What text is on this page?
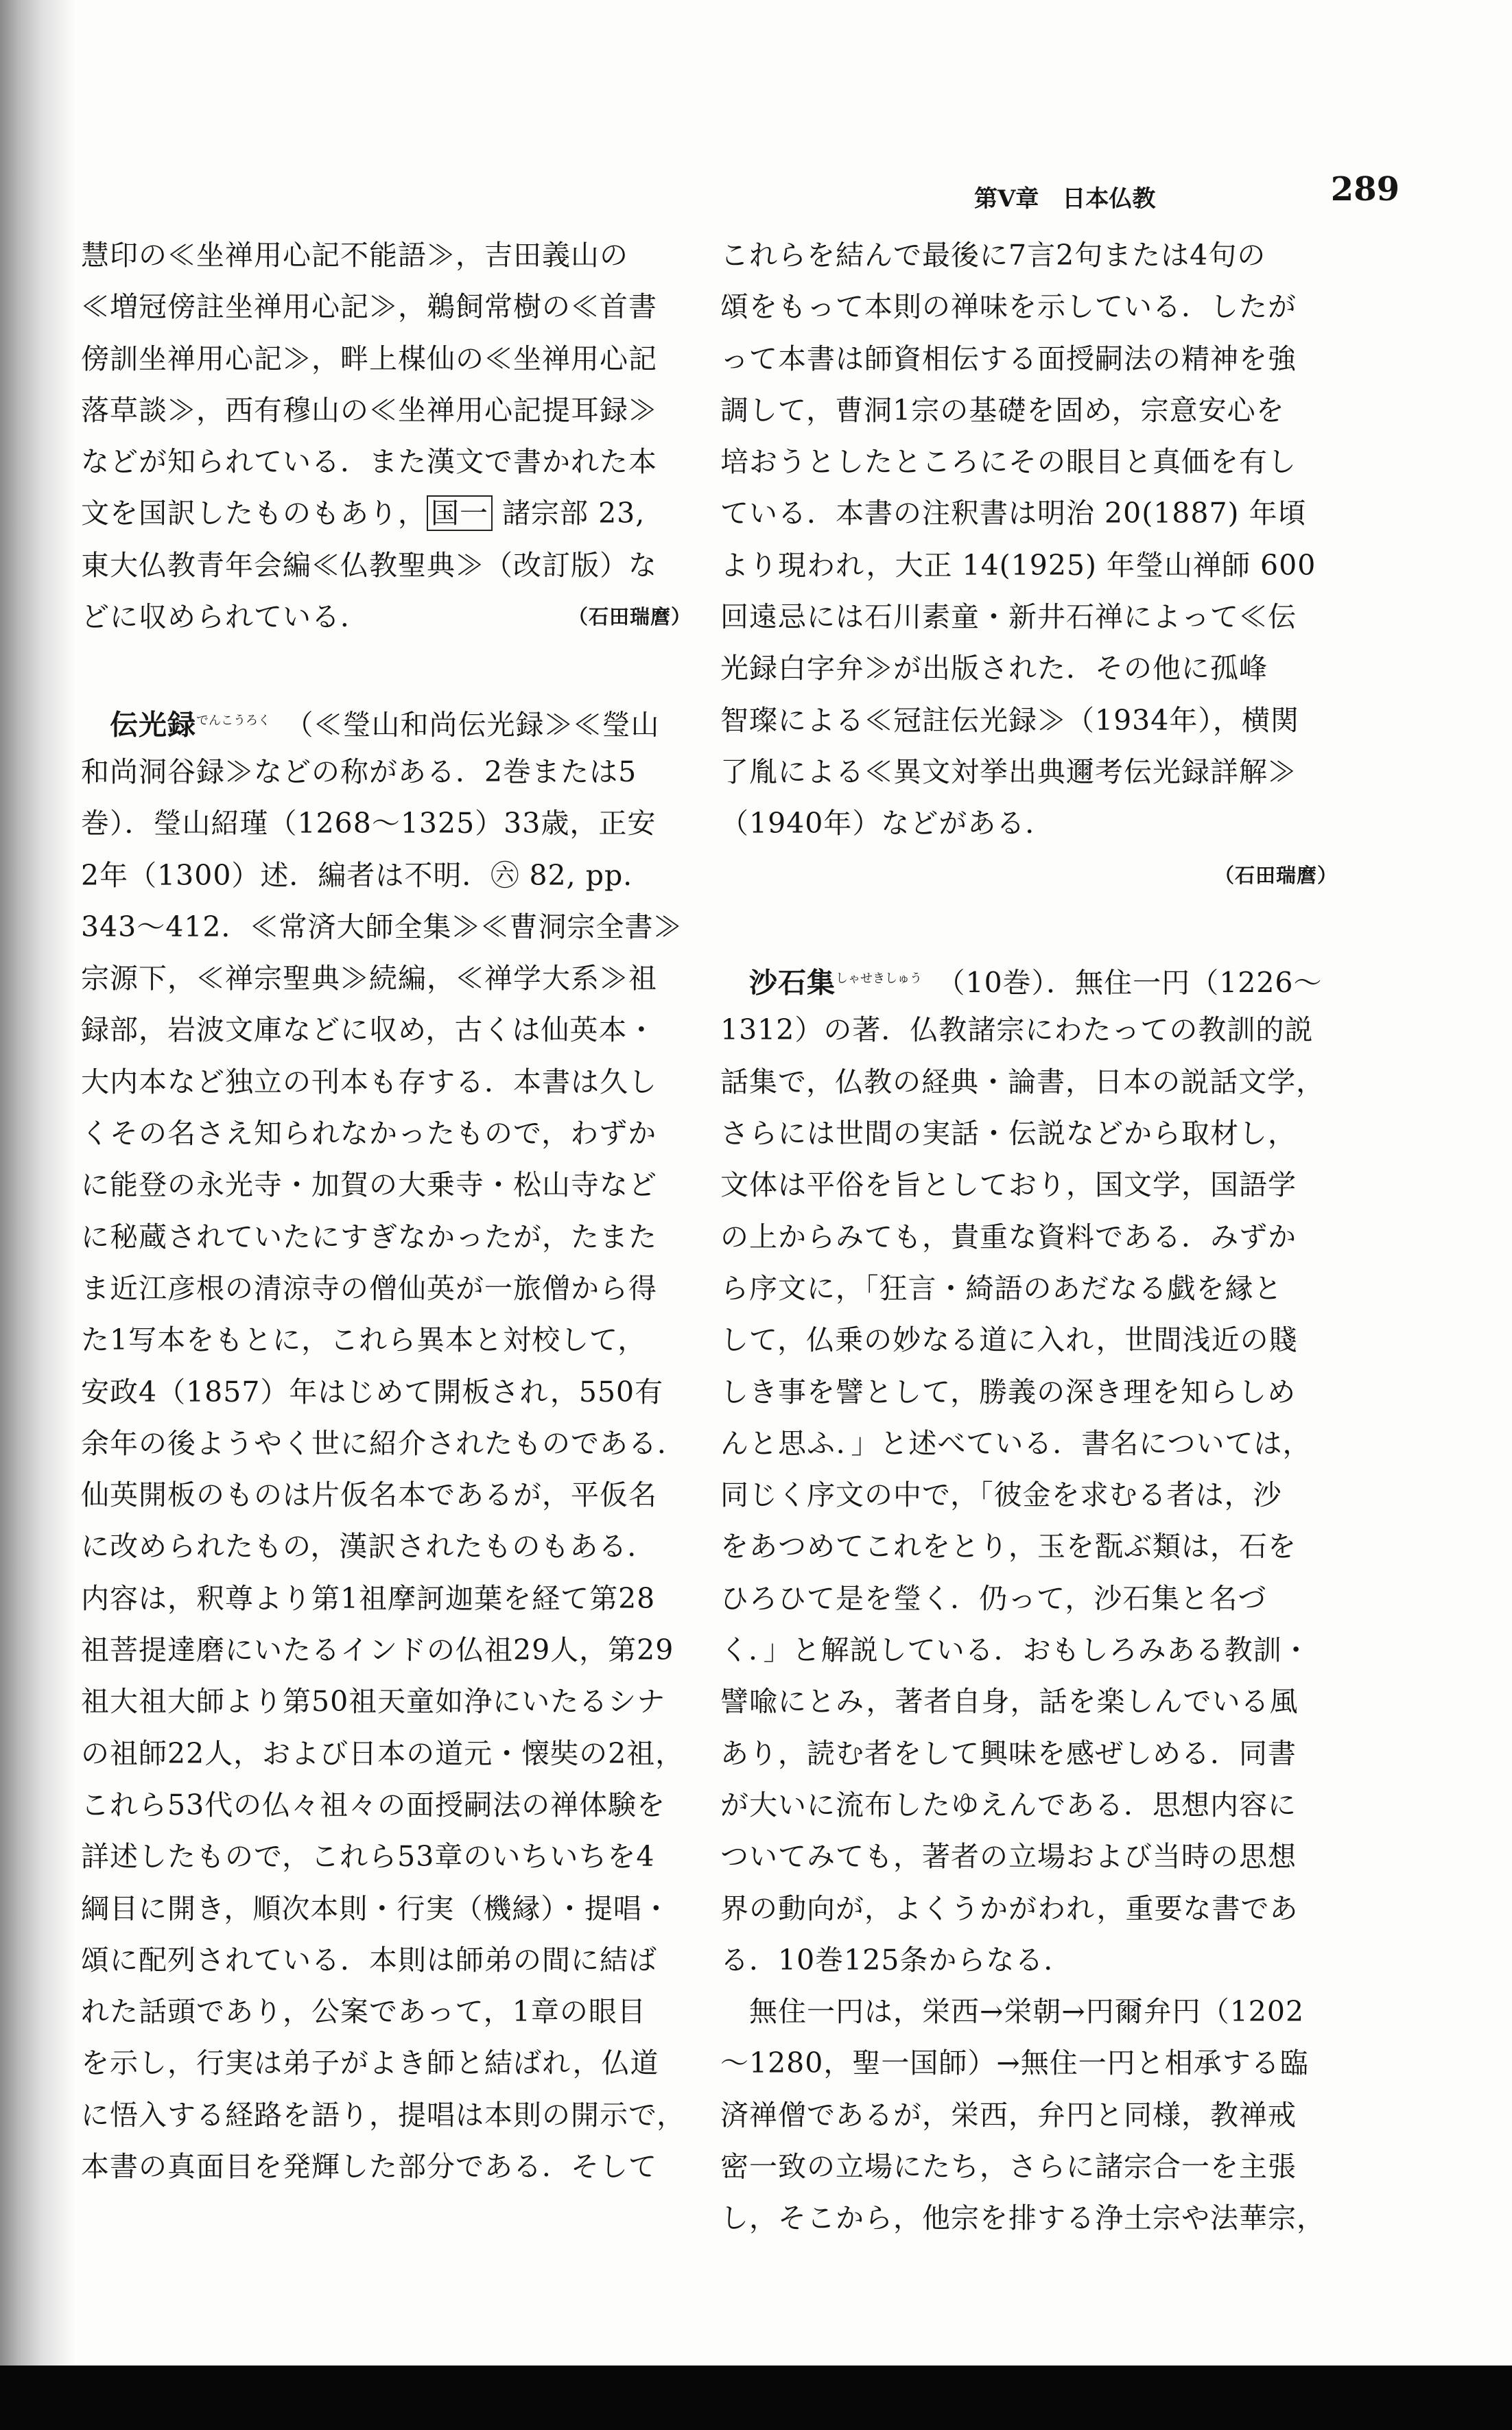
第Ⅴ章　日本仏教	289
慧印の≪坐禅用心記不能語≫，吉田義山の
≪増冠傍註坐禅用心記≫，鵜飼常樹の≪首書
傍訓坐禅用心記≫，畔上楳仙の≪坐禅用心記
落草談≫，西有穆山の≪坐禅用心記提耳録≫
などが知られている．また漢文で書かれた本
文を国訳したものもあり， 国一 諸宗部 23,
東大仏教青年会編≪仏教聖典≫（改訂版）な
どに収められている．	（石田瑞麿）
　伝光録$^{でんこうろく}$　 （≪瑩山和尚伝光録≫≪瑩山
和尚洞谷録≫などの称がある．2巻または5
巻）．瑩山紹瑾（1268～1325）33歳，正安
2年（1300）述．編者は不明．㊅ 82, pp.
343～412．≪常済大師全集≫≪曹洞宗全書≫
宗源下，≪禅宗聖典≫続編，≪禅学大系≫祖
録部，岩波文庫などに収め，古くは仙英本・
大内本など独立の刊本も存する．本書は久し
くその名さえ知られなかったもので，わずか
に能登の永光寺・加賀の大乗寺・松山寺など
に秘蔵されていたにすぎなかったが，たまた
ま近江彦根の清涼寺の僧仙英が一旅僧から得
た1写本をもとに，これら異本と対校して，
安政4（1857）年はじめて開板され，550有
余年の後ようやく世に紹介されたものである．
仙英開板のものは片仮名本であるが，平仮名
に改められたもの，漢訳されたものもある．
内容は，釈尊より第1祖摩訶迦葉を経て第28
祖菩提達磨にいたるインドの仏祖29人，第29
祖大祖大師より第50祖天童如浄にいたるシナ
の祖師22人，および日本の道元・懐奘の2祖，
これら53代の仏々祖々の面授嗣法の禅体験を
詳述したもので，これら53章のいちいちを4
綱目に開き，順次本則・行実（機縁）・提唱・
頌に配列されている．本則は師弟の間に結ば
れた話頭であり，公案であって，1章の眼目
を示し，行実は弟子がよき師と結ばれ，仏道
に悟入する経路を語り，提唱は本則の開示で，
本書の真面目を発輝した部分である．そして
これらを結んで最後に7言2句または4句の
頌をもって本則の禅味を示している．したが
って本書は師資相伝する面授嗣法の精神を強
調して，曹洞1宗の基礎を固め，宗意安心を
培おうとしたところにその眼目と真価を有し
ている．本書の注釈書は明治 20(1887) 年頃
より現われ，大正 14(1925) 年瑩山禅師 600
回遠忌には石川素童・新井石禅によって≪伝
光録白字弁≫が出版された．その他に孤峰
智璨による≪冠註伝光録≫（1934年），横関
了胤による≪異文対挙出典邇考伝光録詳解≫
（1940年）などがある．
（石田瑞麿）
　沙石集$^{しゃせきしゅう}$　 （10巻）．無住一円（1226～
1312）の著．仏教諸宗にわたっての教訓的説
話集で，仏教の経典・論書，日本の説話文学，
さらには世間の実話・伝説などから取材し，
文体は平俗を旨としており，国文学，国語学
の上からみても，貴重な資料である．みずか
ら序文に，「狂言・綺語のあだなる戯を縁と
して，仏乗の妙なる道に入れ，世間浅近の賤
しき事を譬として，勝義の深き理を知らしめ
んと思ふ．」と述べている．書名については，
同じく序文の中で，「彼金を求むる者は，沙
をあつめてこれをとり，玉を翫ぶ類は，石を
ひろひて是を瑩く．仍って，沙石集と名づ
く．」と解説している．おもしろみある教訓・
譬喩にとみ，著者自身，話を楽しんでいる風
あり，読む者をして興味を感ぜしめる．同書
が大いに流布したゆえんである．思想内容に
ついてみても，著者の立場および当時の思想
界の動向が，よくうかがわれ，重要な書であ
る．10巻125条からなる．
　無住一円は，栄西→栄朝→円爾弁円（1202
～1280，聖一国師）→無住一円と相承する臨
済禅僧であるが，栄西，弁円と同様，教禅戒
密一致の立場にたち，さらに諸宗合一を主張
し，そこから，他宗を排する浄土宗や法華宗，
